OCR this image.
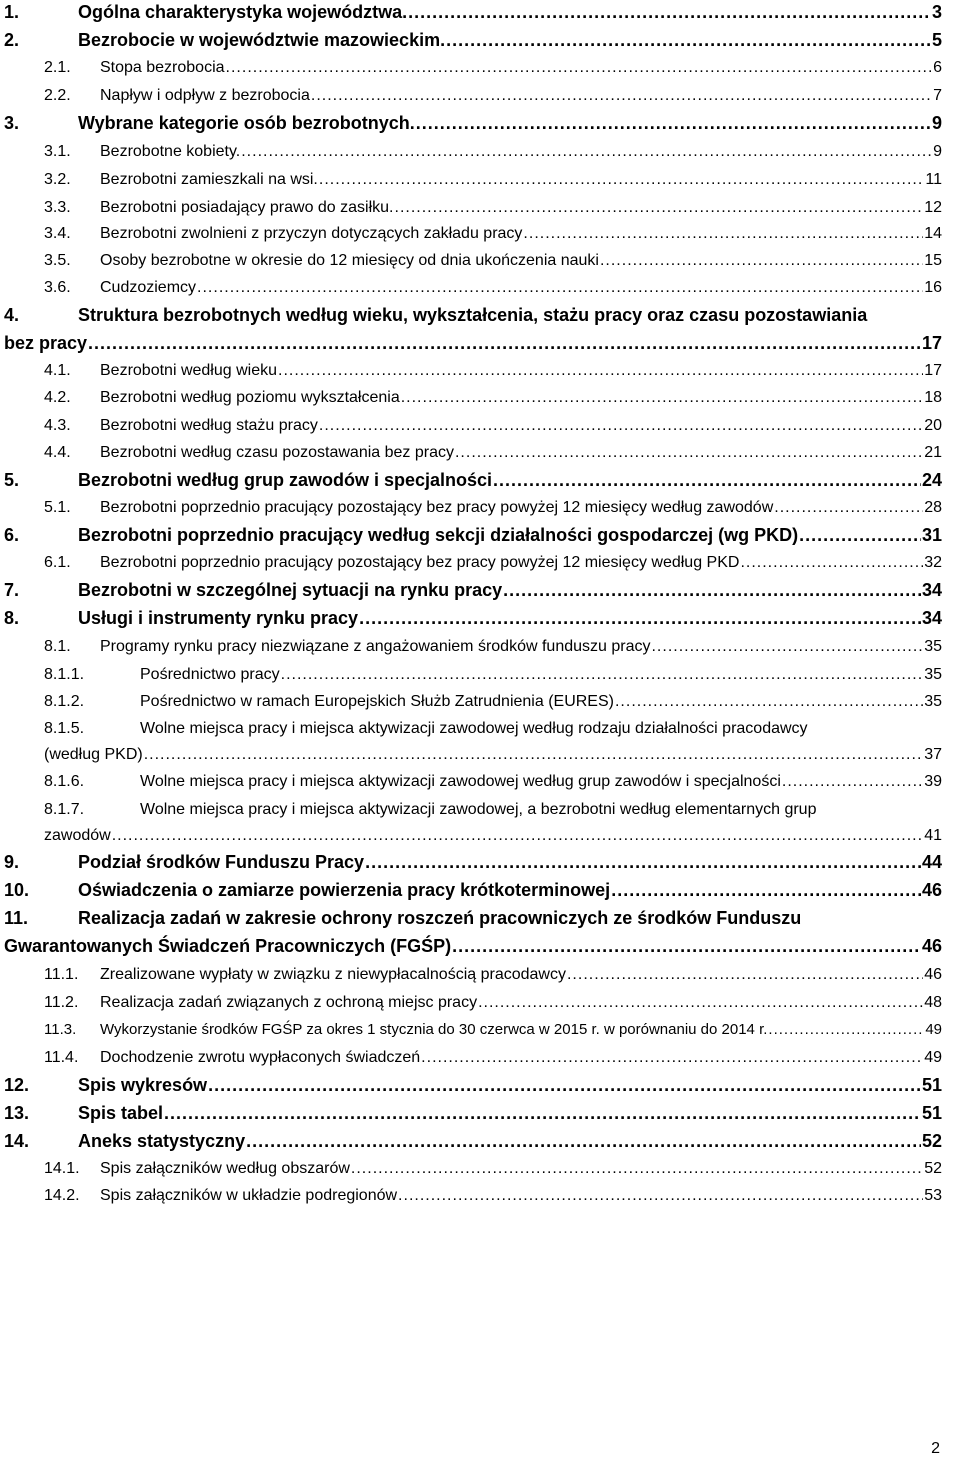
1.	Ogólna charakterystyka województwa. .....	3
2.	Bezrobocie w województwie mazowieckim. .....	5
2.1.	Stopa bezrobocia .....	6
2.2.	Napływ i odpływ z bezrobocia .....	7
3.	Wybrane kategorie osób bezrobotnych. .....	9
3.1.	Bezrobotne kobiety. .....	9
3.2.	Bezrobotni zamieszkali na wsi. .....	11
3.3.	Bezrobotni posiadający prawo do zasiłku. .....	12
3.4.	Bezrobotni zwolnieni z przyczyn dotyczących zakładu pracy .....	14
3.5.	Osoby bezrobotne w okresie do 12 miesięcy od dnia ukończenia nauki .....	15
3.6.	Cudzoziemcy .....	16
4.	Struktura bezrobotnych według wieku, wykształcenia, stażu pracy oraz czasu pozostawiania
bez pracy .....	17
4.1.	Bezrobotni według wieku .....	17
4.2.	Bezrobotni według poziomu wykształcenia .....	18
4.3.	Bezrobotni według stażu pracy .....	20
4.4.	Bezrobotni według czasu pozostawania bez pracy .....	21
5.	Bezrobotni według grup zawodów i specjalności .....	24
5.1.	Bezrobotni poprzednio pracujący pozostający bez pracy powyżej 12 miesięcy według zawodów .....	28
6.	Bezrobotni poprzednio pracujący według sekcji działalności gospodarczej (wg PKD) .....	31
6.1.	Bezrobotni poprzednio pracujący pozostający bez pracy powyżej 12 miesięcy według PKD .....	32
7.	Bezrobotni w szczególnej sytuacji na rynku pracy .....	34
8.	Usługi i instrumenty rynku pracy .....	34
8.1.	Programy rynku pracy niezwiązane z angażowaniem środków funduszu pracy .....	35
8.1.1.	Pośrednictwo pracy .....	35
8.1.2.	Pośrednictwo w ramach Europejskich Służb Zatrudnienia (EURES) .....	35
8.1.5.	Wolne miejsca pracy i miejsca aktywizacji zawodowej według rodzaju działalności pracodawcy
(według PKD) .....	37
8.1.6.	Wolne miejsca pracy i miejsca aktywizacji zawodowej według grup zawodów i specjalności .....	39
8.1.7.	Wolne miejsca pracy i miejsca aktywizacji zawodowej, a bezrobotni według elementarnych grup
zawodów .....	41
9.	Podział środków Funduszu Pracy .....	44
10.	Oświadczenia o zamiarze powierzenia pracy krótkoterminowej .....	46
11.	Realizacja zadań w zakresie ochrony roszczeń pracowniczych ze środków Funduszu
Gwarantowanych Świadczeń Pracowniczych (FGŚP) .....	46
11.1.	Zrealizowane wypłaty w związku z niewypłacalnością pracodawcy .....	46
11.2.	Realizacja zadań związanych z ochroną miejsc pracy .....	48
11.3.	Wykorzystanie środków FGŚP za okres 1 stycznia do 30 czerwca w 2015 r. w porównaniu do 2014 r. .....	49
11.4.	Dochodzenie zwrotu wypłaconych świadczeń .....	49
12.	Spis wykresów .....	51
13.	Spis tabel .....	51
14.	Aneks statystyczny .....	52
14.1.	Spis załączników według obszarów .....	52
14.2.	Spis załączników w układzie podregionów .....	53
2
